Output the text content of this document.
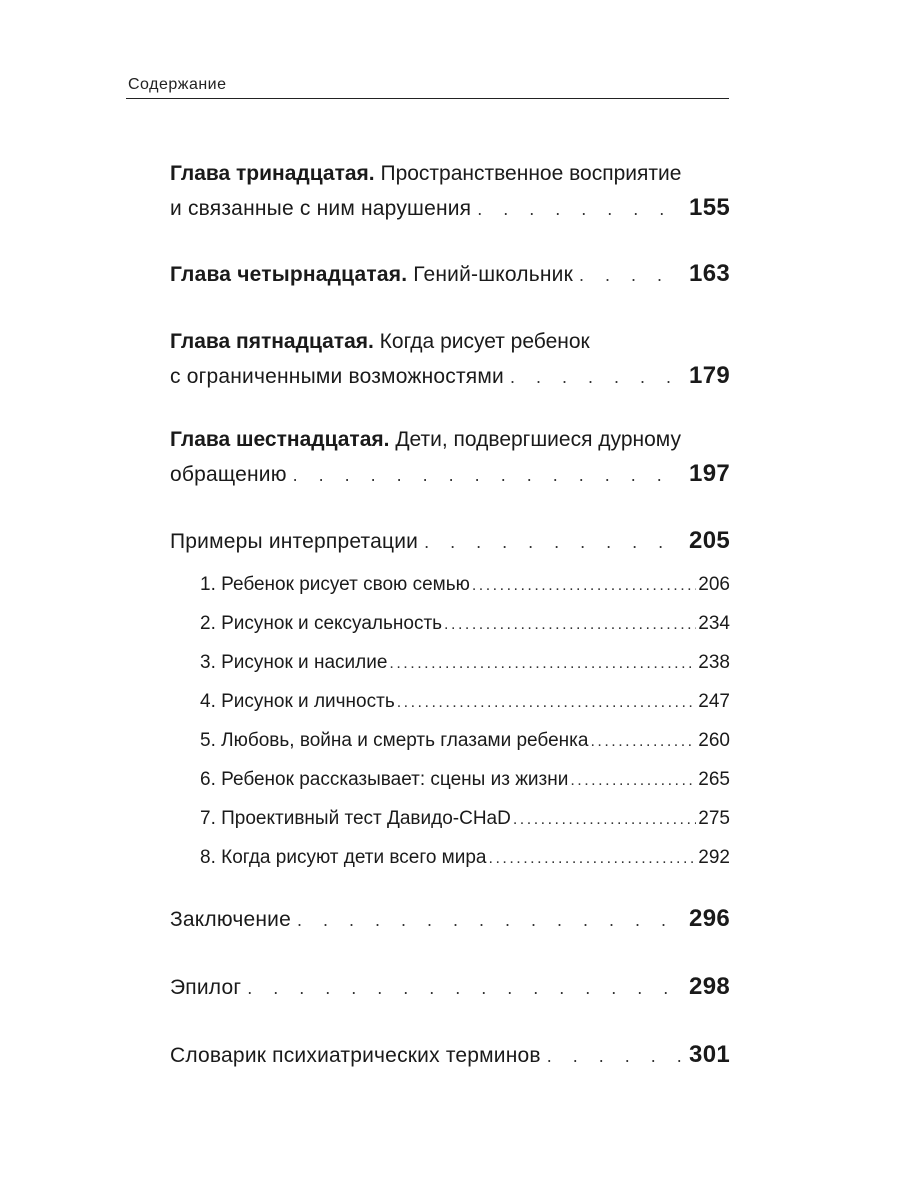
Содержание
Глава тринадцатая. Пространственное восприятие
и связанные с ним нарушения . . .	155
Глава четырнадцатая. Гений-школьник . . .	163
Глава пятнадцатая. Когда рисует ребенок
с ограниченными возможностями . . .	179
Глава шестнадцатая. Дети, подвергшиеся дурному
обращению . . .	197
Примеры интерпретации . . .	205
1. Ребенок рисует свою семью .....	206
2. Рисунок и сексуальность .....	234
3. Рисунок и насилие .....	238
4. Рисунок и личность .....	247
5. Любовь, война и смерть глазами ребенка .....	260
6. Ребенок рассказывает: сцены из жизни .....	265
7. Проективный тест Давидо-CHaD .....	275
8. Когда рисуют дети всего мира .....	292
Заключение . . .	296
Эпилог . . .	298
Словарик психиатрических терминов . . .	301
